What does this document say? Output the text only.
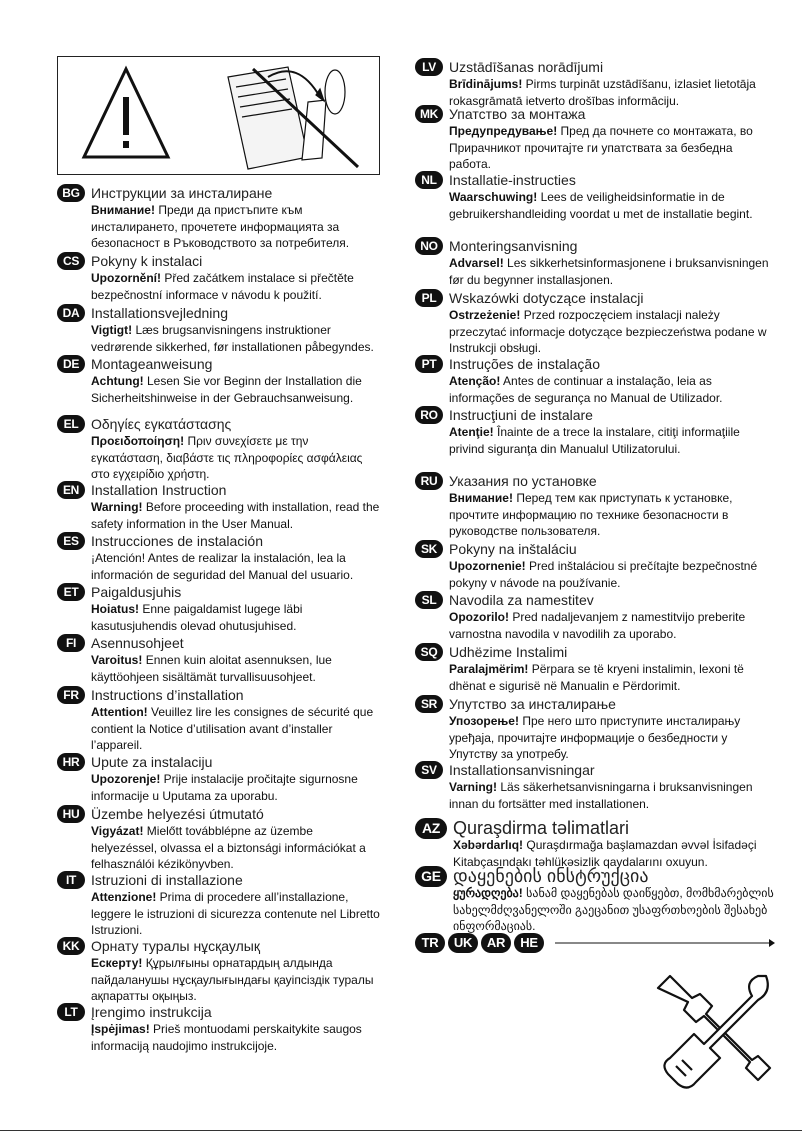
BG Инструкции за инсталиране
Внимание! Преди да пристъпите към инсталирането, прочетете информацията за безопасност в Ръководството за потребителя.
CS Pokyny k instalaci
Upozornění! Před začátkem instalace si přečtěte bezpečnostní informace v návodu k použití.
DA Installationsvejledning
Vigtigt! Læs brugsanvisningens instruktioner vedrørende sikkerhed, før installationen påbegyndes.
DE Montageanweisung
Achtung! Lesen Sie vor Beginn der Installation die Sicherheitshinweise in der Gebrauchsanweisung.
EL Οδηγίες εγκατάστασης
Προειδοποίηση! Πριν συνεχίσετε με την εγκατάσταση, διαβάστε τις πληροφορίες ασφάλειας στο εγχειρίδιο χρήστη.
EN Installation Instruction
Warning! Before proceeding with installation, read the safety information in the User Manual.
ES Instrucciones de instalación
¡Atención! Antes de realizar la instalación, lea la información de seguridad del Manual del usuario.
ET Paigaldusjuhis
Hoiatus! Enne paigaldamist lugege läbi kasutusjuhendis olevad ohutusjuhised.
FI	Asennusohjeet
Varoitus! Ennen kuin aloitat asennuksen, lue käyttöohjeen sisältämät turvallisuusohjeet.
FR Instructions d’installation
Attention! Veuillez lire les consignes de sécurité que contient la Notice d’utilisation avant d’installer l’appareil.
HR Upute za instalaciju
Upozorenje! Prije instalacije pročitajte sigurnosne informacije u Uputama za uporabu.
HU Üzembe helyezési útmutató
Vigyázat! Mielőtt továbblépne az üzembe helyezéssel, olvassa el a biztonsági információkat a felhasználói kézikönyvben.
IT	Istruzioni di installazione
Attenzione! Prima di procedere all’installazione, leggere le istruzioni di sicurezza contenute nel Libretto Istruzioni.
KK Орнату туралы нұсқаулық
Ескерту! Құрылғыны орнатардың алдында пайдаланушы нұсқаулығындағы қауіпсіздік туралы ақпаратты оқыңыз.
LT Įrengimo instrukcija
Įspėjimas! Prieš montuodami perskaitykite saugos informaciją naudojimo instrukcijoje.
LV Uzstādīšanas norādījumi
Brīdinājums! Pirms turpināt uzstādīšanu, izlasiet lietotāja rokasgrāmatā ietverto drošības informāciju.
MK Упатство за монтажа
Предупредување! Пред да почнете со монтажата, во Прирачникот прочитајте ги упатствата за безбедна работа.
NL Installatie-instructies
Waarschuwing! Lees de veiligheidsinformatie in de gebruikershandleiding voordat u met de installatie begint.
NO Monteringsanvisning
Advarsel! Les sikkerhetsinformasjonene i bruksanvisningen før du begynner installasjonen.
PL Wskazówki dotyczące instalacji
Ostrzeżenie! Przed rozpoczęciem instalacji należy przeczytać informacje dotyczące bezpieczeństwa podane w Instrukcji obsługi.
PT Instruções de instalação
Atenção! Antes de continuar a instalação, leia as informações de segurança no Manual de Utilizador.
RO Instrucţiuni de instalare
Atenţie! Înainte de a trece la instalare, citiţi informaţiile privind siguranţa din Manualul Utilizatorului.
RU Указания по установке
Внимание! Перед тем как приступать к установке, прочтите информацию по технике безопасности в руководстве пользователя.
SK Pokyny na inštaláciu
Upozornenie! Pred inštaláciou si prečítajte bezpečnostné pokyny v návode na používanie.
SL Navodila za namestitev
Opozorilo! Pred nadaljevanjem z namestitvijo preberite varnostna navodila v navodilih za uporabo.
SQ Udhëzime Instalimi
Paralajmërim! Përpara se të kryeni instalimin, lexoni të dhënat e sigurisë në Manualin e Përdorimit.
SR Упутство за инсталирање
Упозорење! Пре него што приступите инсталирању уређаја, прочитајте информације о безбедности у Упутству за употребу.
SV Installationsanvisningar
Varning! Läs säkerhetsanvisningarna i bruksanvisningen innan du fortsätter med installationen.
AZ Quraşdirma təlimatlari
Xəbərdarlıq! Quraşdırmağa başlamazdan əvvəl İsifadəçi Kitabçasındakı təhlükəsizlik qaydalarını oxuyun.
GE დაყენების ინსტრუქცია
ყურადღება! სანამ დაყენებას დაიწყებთ, მომხმარებლის სახელმძღვანელოში გაეცანით უსაფრთხოების შესახებ ინფორმაციას.
TR	UK	AR	HE
